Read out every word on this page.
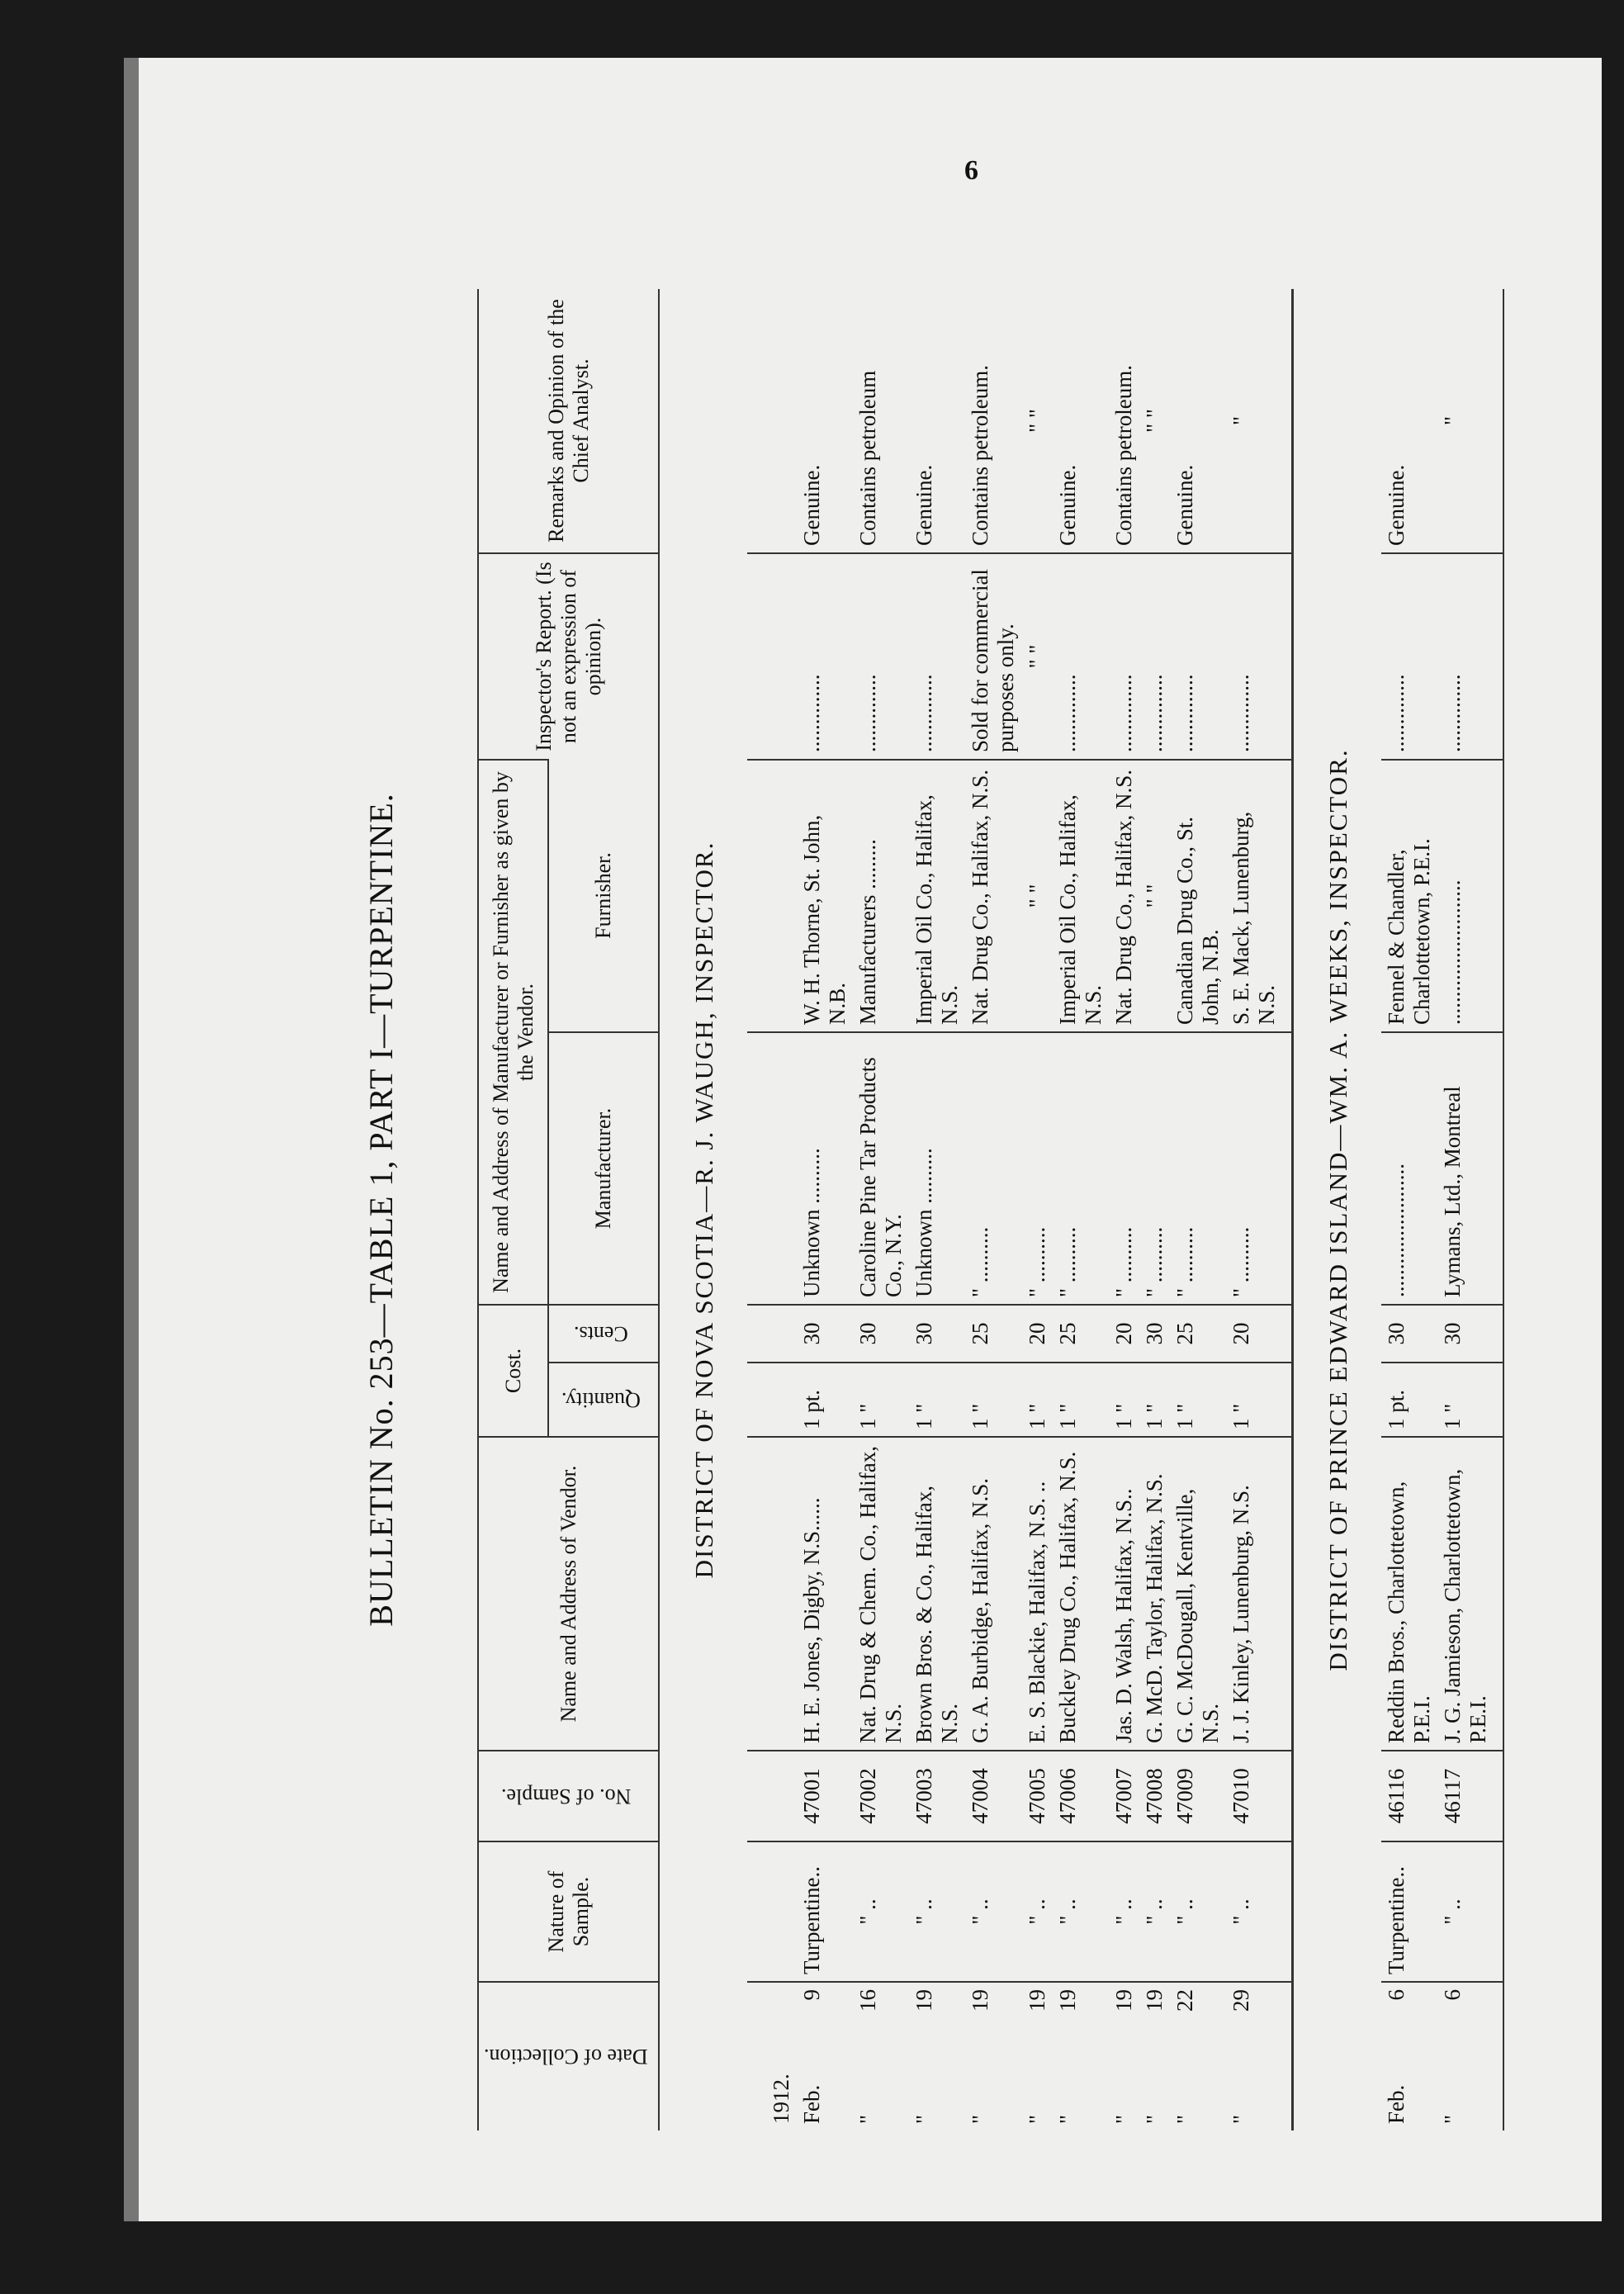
6
BULLETIN No. 253—TABLE 1, PART I—TURPENTINE.
Date of Collection.	Nature of Sample.	No. of Sample.	Name and Address of Vendor.	Cost.		Name and Address of Manufacturer or Furnisher as given by the Vendor.		Inspector's Report. (Is not an expression of opinion).	Remarks and Opinion of the Chief Analyst.
				Quantity.	Cents.	Manufacturer.	Furnisher.		
DISTRICT OF NOVA SCOTIA—R. J. WAUGH, INSPECTOR.									
1912.									
Feb.
9	Turpentine..	47001	H. E. Jones, Digby, N.S......	1 pt.	30	Unknown ..........	W. H. Thorne, St. John, N.B.	..............	Genuine.
"
16	" ..	47002	Nat. Drug & Chem. Co., Halifax, N.S.	1 "	30	Caroline Pine Tar Products Co., N.Y.	Manufacturers .........	..............	Contains petroleum
"
19	" ..	47003	Brown Bros. & Co., Halifax, N.S.	1 "	30	Unknown ..........	Imperial Oil Co., Halifax, N.S.	..............	Genuine.
"
19	" ..	47004	G. A. Burbidge, Halifax, N.S.	1 "	25	" ..........	Nat. Drug Co., Halifax, N.S.	Sold for commercial purposes only.	Contains petroleum.
"
19	" ..	47005	E. S. Blackie, Halifax, N.S. ..	1 "	20	" ..........	" "	" "	" "
"
19	" ..	47006	Buckley Drug Co., Halifax, N.S.	1 "	25	" ..........	Imperial Oil Co., Halifax, N.S.	..............	Genuine.
"
19	" ..	47007	Jas. D. Walsh, Halifax, N.S..	1 "	20	" ..........	Nat. Drug Co., Halifax, N.S.	..............	Contains petroleum.
"
19	" ..	47008	G. McD. Taylor, Halifax, N.S.	1 "	30	" ..........	" "	..............	" "
"
22	" ..	47009	G. C. McDougall, Kentville, N.S.	1 "	25	" ..........	Canadian Drug Co., St. John, N.B.	..............	Genuine.
"
29	" ..	47010	J. J. Kinley, Lunenburg, N.S.	1 "	20	" ..........	S. E. Mack, Lunenburg, N.S.	..............	"
DISTRICT OF PRINCE EDWARD ISLAND—WM. A. WEEKS, INSPECTOR.									
Feb.
6	Turpentine..	46116	Reddin Bros., Charlottetown, P.E.I.	1 pt.	30	........................	Fennel & Chandler, Charlottetown, P.E.I.	..............	Genuine.
"
6	" ..	46117	J. G. Jamieson, Charlottetown, P.E.I.	1 "	30	Lymans, Ltd., Montreal	..........................	..............	"
